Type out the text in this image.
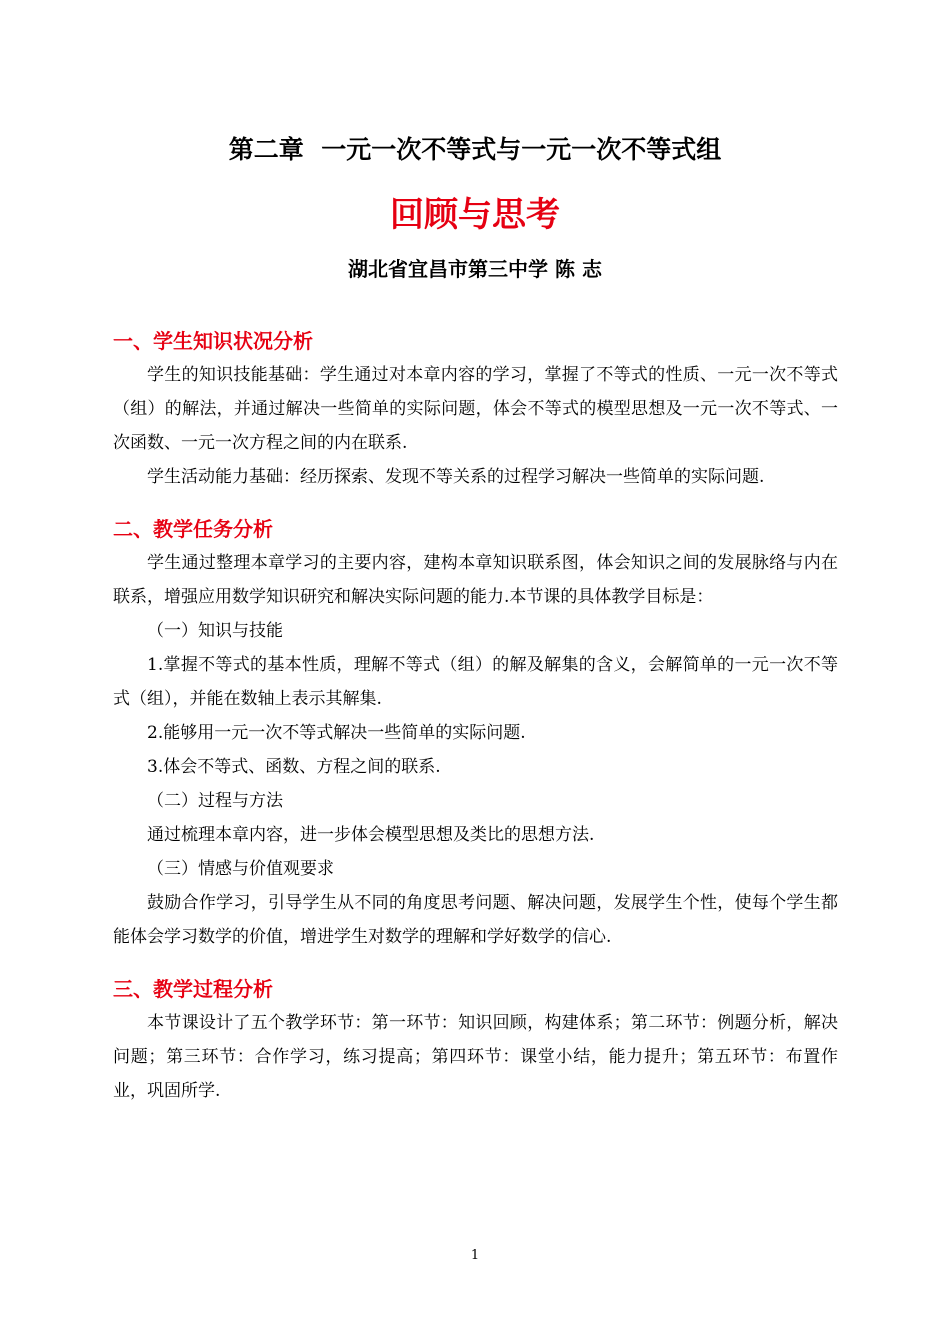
第二章  一元一次不等式与一元一次不等式组
回顾与思考
湖北省宜昌市第三中学 陈 志
一、学生知识状况分析

学生的知识技能基础：学生通过对本章内容的学习，掌握了不等式的性质、一元一次不等式（组）的解法，并通过解决一些简单的实际问题，体会不等式的模型思想及一元一次不等式、一次函数、一元一次方程之间的内在联系.

学生活动能力基础：经历探索、发现不等关系的过程学习解决一些简单的实际问题.

二、教学任务分析

学生通过整理本章学习的主要内容，建构本章知识联系图，体会知识之间的发展脉络与内在联系，增强应用数学知识研究和解决实际问题的能力.本节课的具体教学目标是：

（一）知识与技能

1.掌握不等式的基本性质，理解不等式（组）的解及解集的含义，会解简单的一元一次不等式（组），并能在数轴上表示其解集.

2.能够用一元一次不等式解决一些简单的实际问题.

3.体会不等式、函数、方程之间的联系.

（二）过程与方法

通过梳理本章内容，进一步体会模型思想及类比的思想方法.

（三）情感与价值观要求

鼓励合作学习，引导学生从不同的角度思考问题、解决问题，发展学生个性，使每个学生都能体会学习数学的价值，增进学生对数学的理解和学好数学的信心.

三、教学过程分析

本节课设计了五个教学环节：第一环节：知识回顾，构建体系；第二环节：例题分析，解决问题；第三环节：合作学习，练习提高；第四环节：课堂小结，能力提升；第五环节：布置作业，巩固所学.

1
